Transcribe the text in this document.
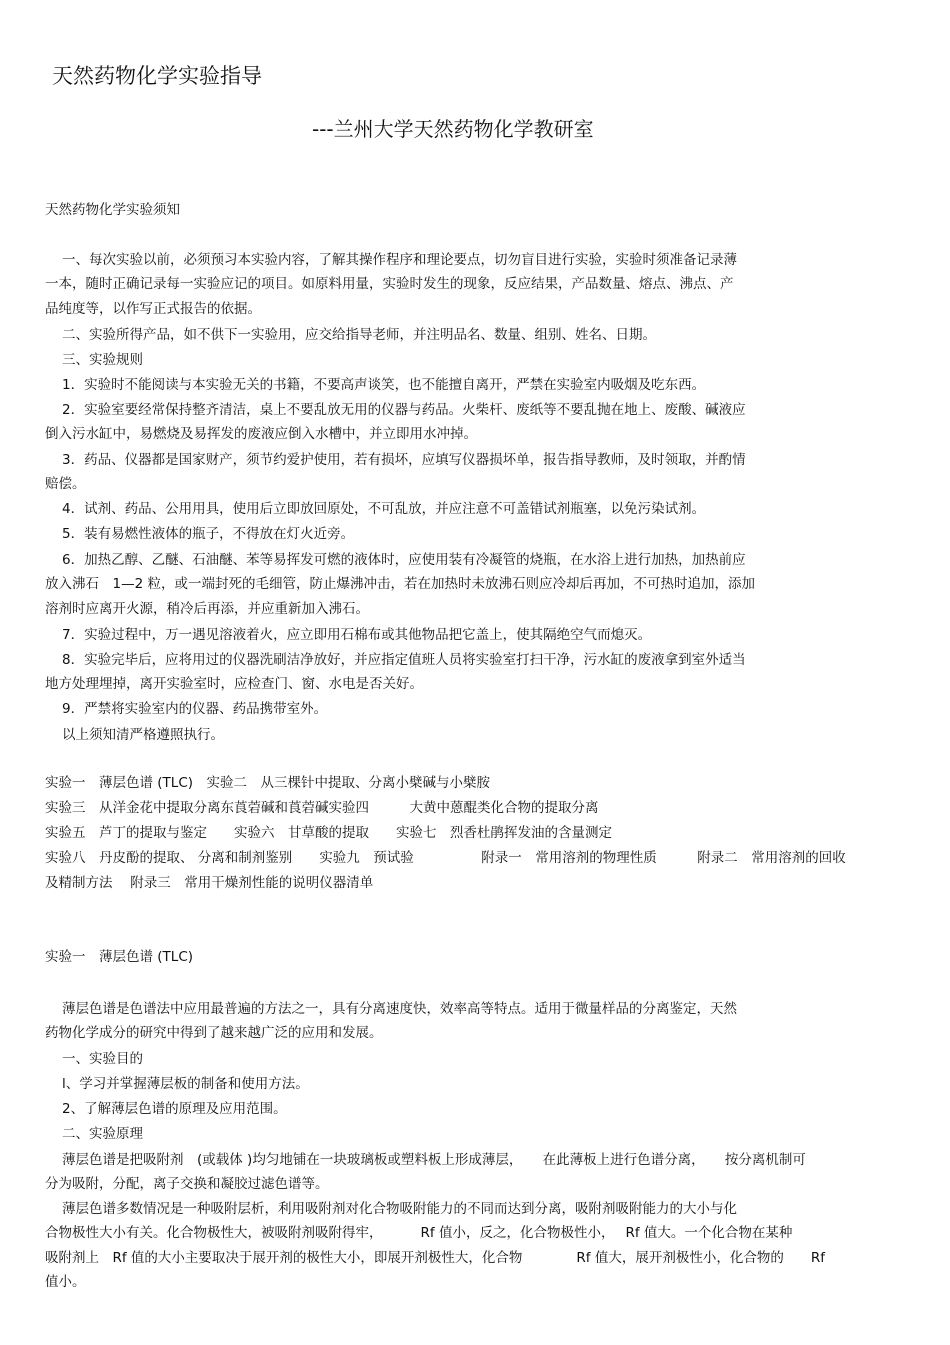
天然药物化学实验指导
---兰州大学天然药物化学教研室
天然药物化学实验须知
一、每次实验以前，必须预习本实验内容，了解其操作程序和理论要点，切勿盲目进行实验，实验时须准备记录薄
一本，随时正确记录每一实验应记的项目。如原料用量，实验时发生的现象，反应结果，产品数量、熔点、沸点、产
品纯度等，以作写正式报告的依据。
二、实验所得产品，如不供下一实验用，应交给指导老师，并注明品名、数量、组别、姓名、日期。
三、实验规则
1．实验时不能阅读与本实验无关的书籍，不要高声谈笑，也不能擅自离开，严禁在实验室内吸烟及吃东西。
2．实验室要经常保持整齐清洁，桌上不要乱放无用的仪器与药品。火柴杆、废纸等不要乱抛在地上、废酸、碱液应
倒入污水缸中，易燃烧及易挥发的废液应倒入水槽中，并立即用水冲掉。
3．药品、仪器都是国家财产，须节约爱护使用，若有损坏，应填写仪器损坏单，报告指导教师，及时领取，并酌情
赔偿。
4．试剂、药品、公用用具，使用后立即放回原处，不可乱放，并应注意不可盖错试剂瓶塞，以免污染试剂。
5．装有易燃性液体的瓶子，不得放在灯火近旁。
6．加热乙醇、乙醚、石油醚、苯等易挥发可燃的液体时，应使用装有冷凝管的烧瓶，在水浴上进行加热，加热前应
放入沸石　1—2 粒，或一端封死的毛细管，防止爆沸冲击，若在加热时未放沸石则应冷却后再加，不可热时追加，添加
溶剂时应离开火源，稍冷后再添，并应重新加入沸石。
7．实验过程中，万一遇见溶液着火，应立即用石棉布或其他物品把它盖上，使其隔绝空气而熄灭。
8．实验完毕后，应将用过的仪器洗刷洁净放好，并应指定值班人员将实验室打扫干净，污水缸的废液拿到室外适当
地方处理埋掉，离开实验室时，应检查门、窗、水电是否关好。
9．严禁将实验室内的仪器、药品携带室外。
以上须知清严格遵照执行。
实验一　薄层色谱 (TLC)　实验二　从三棵针中提取、分离小檗碱与小檗胺
实验三　从洋金花中提取分离东莨菪碱和莨菪碱实验四　　　大黄中蒽醌类化合物的提取分离
实验五　芦丁的提取与鉴定　　实验六　甘草酸的提取　　实验七　烈香杜鹃挥发油的含量测定
实验八　丹皮酚的提取、 分离和制剂鉴别　　实验九　预试验　　　　　附录一　常用溶剂的物理性质　　　附录二　常用溶剂的回收
及精制方法　 附录三　常用干燥剂性能的说明仪器清单
实验一　薄层色谱 (TLC)
薄层色谱是色谱法中应用最普遍的方法之一，具有分离速度快，效率高等特点。适用于微量样品的分离鉴定，天然
药物化学成分的研究中得到了越来越广泛的应用和发展。
一、实验目的
l、学习并掌握薄层板的制备和使用方法。
2、了解薄层色谱的原理及应用范围。
二、实验原理
薄层色谱是把吸附剂　(或载体 )均匀地铺在一块玻璃板或塑料板上形成薄层，　　在此薄板上进行色谱分离，　　按分离机制可
分为吸附，分配，离子交换和凝胶过滤色谱等。
薄层色谱多数情况是一种吸附层析，利用吸附剂对化合物吸附能力的不同而达到分离，吸附剂吸附能力的大小与化
合物极性大小有关。化合物极性大，被吸附剂吸附得牢，　　　 Rf 值小，反之，化合物极性小，　 Rf 值大。一个化合物在某种
吸附剂上　Rf 值的大小主要取决于展开剂的极性大小，即展开剂极性大，化合物　　　　Rf 值大，展开剂极性小，化合物的　　Rf
值小。
